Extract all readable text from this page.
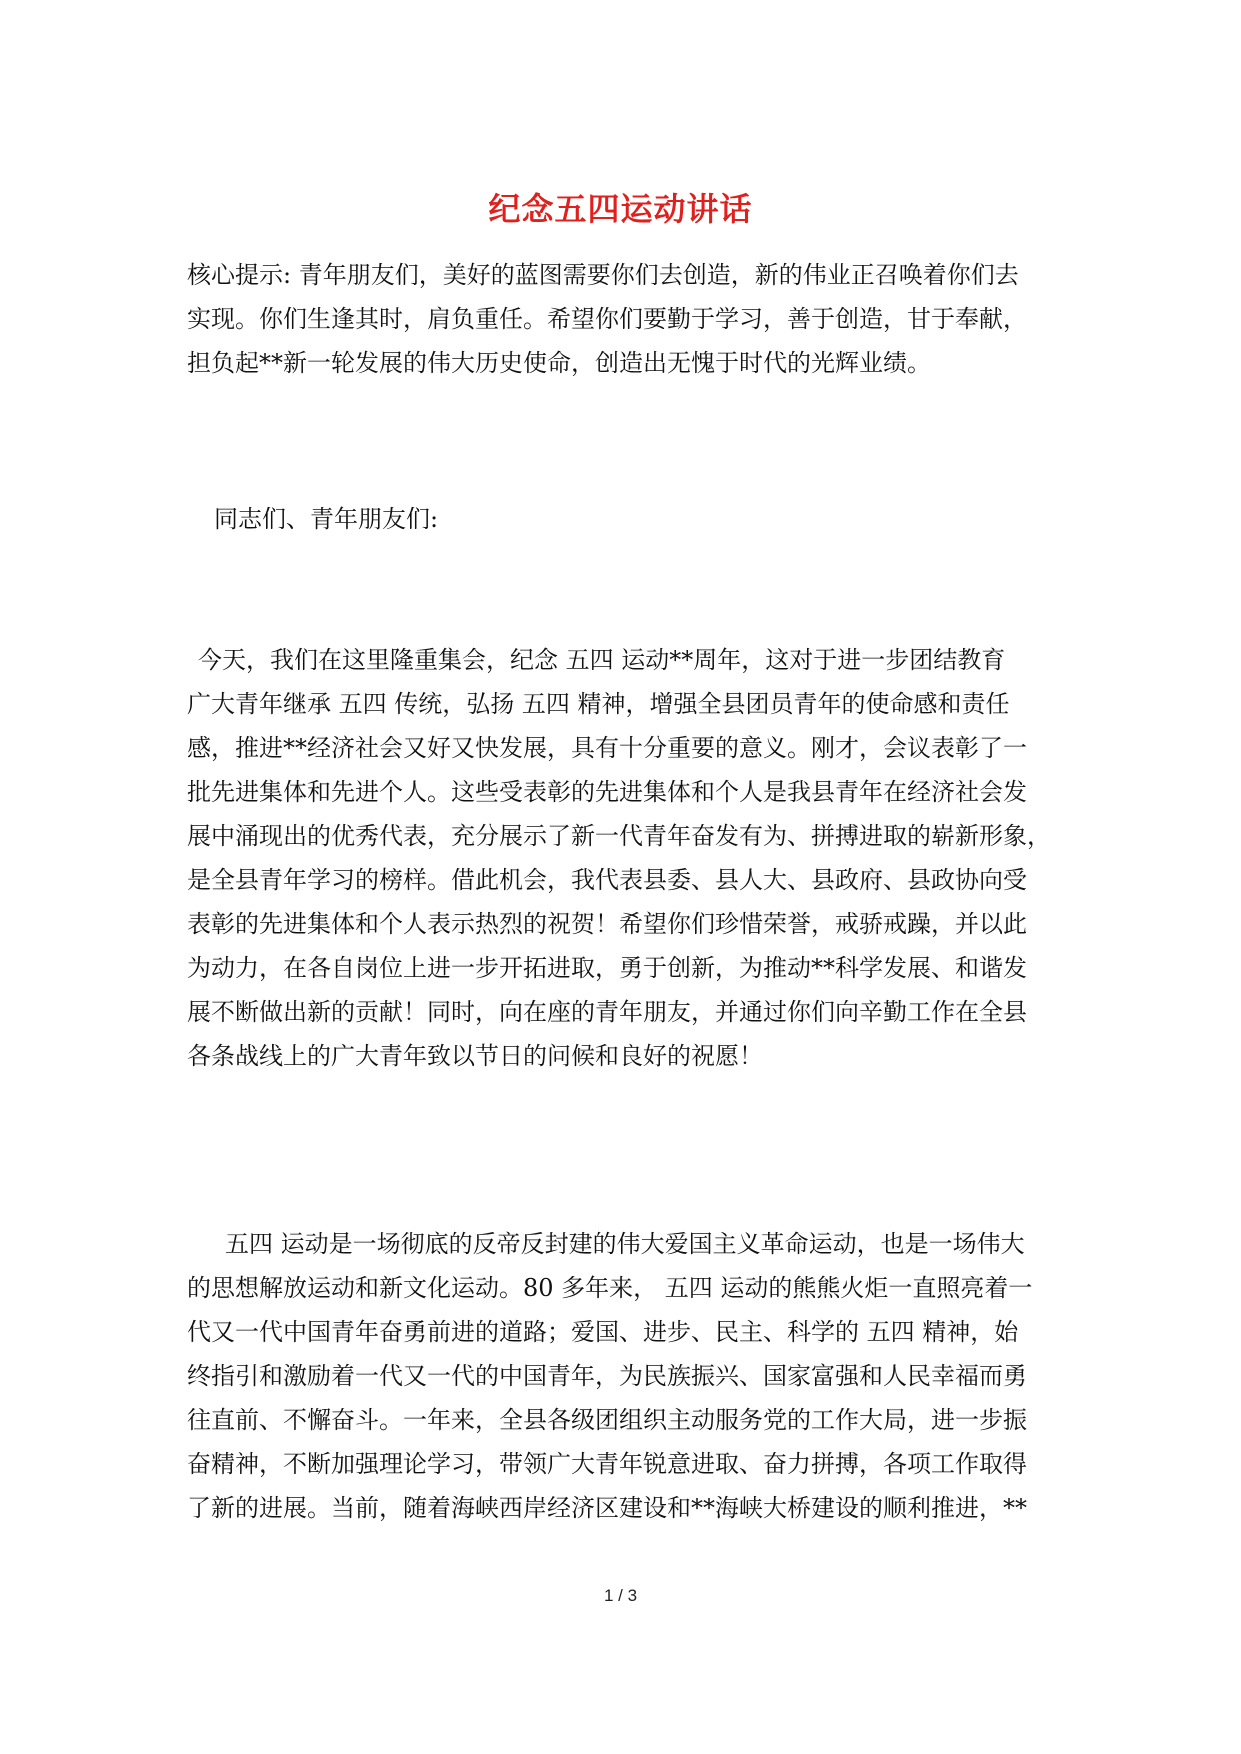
纪念五四运动讲话
核心提示: 青年朋友们，美好的蓝图需要你们去创造，新的伟业正召唤着你们去
实现。你们生逢其时，肩负重任。希望你们要勤于学习，善于创造，甘于奉献，
担负起**新一轮发展的伟大历史使命，创造出无愧于时代的光辉业绩。
同志们、青年朋友们:
今天，我们在这里隆重集会，纪念 五四 运动**周年，这对于进一步团结教育
广大青年继承 五四 传统，弘扬 五四 精神，增强全县团员青年的使命感和责任
感，推进**经济社会又好又快发展，具有十分重要的意义。刚才，会议表彰了一
批先进集体和先进个人。这些受表彰的先进集体和个人是我县青年在经济社会发
展中涌现出的优秀代表，充分展示了新一代青年奋发有为、拼搏进取的崭新形象，
是全县青年学习的榜样。借此机会，我代表县委、县人大、县政府、县政协向受
表彰的先进集体和个人表示热烈的祝贺！希望你们珍惜荣誉，戒骄戒躁，并以此
为动力，在各自岗位上进一步开拓进取，勇于创新，为推动**科学发展、和谐发
展不断做出新的贡献！同时，向在座的青年朋友，并通过你们向辛勤工作在全县
各条战线上的广大青年致以节日的问候和良好的祝愿！
五四 运动是一场彻底的反帝反封建的伟大爱国主义革命运动，也是一场伟大
的思想解放运动和新文化运动。80 多年来， 五四 运动的熊熊火炬一直照亮着一
代又一代中国青年奋勇前进的道路；爱国、进步、民主、科学的 五四 精神，始
终指引和激励着一代又一代的中国青年，为民族振兴、国家富强和人民幸福而勇
往直前、不懈奋斗。一年来，全县各级团组织主动服务党的工作大局，进一步振
奋精神，不断加强理论学习，带领广大青年锐意进取、奋力拼搏，各项工作取得
了新的进展。当前，随着海峡西岸经济区建设和**海峡大桥建设的顺利推进，**
1 / 3
